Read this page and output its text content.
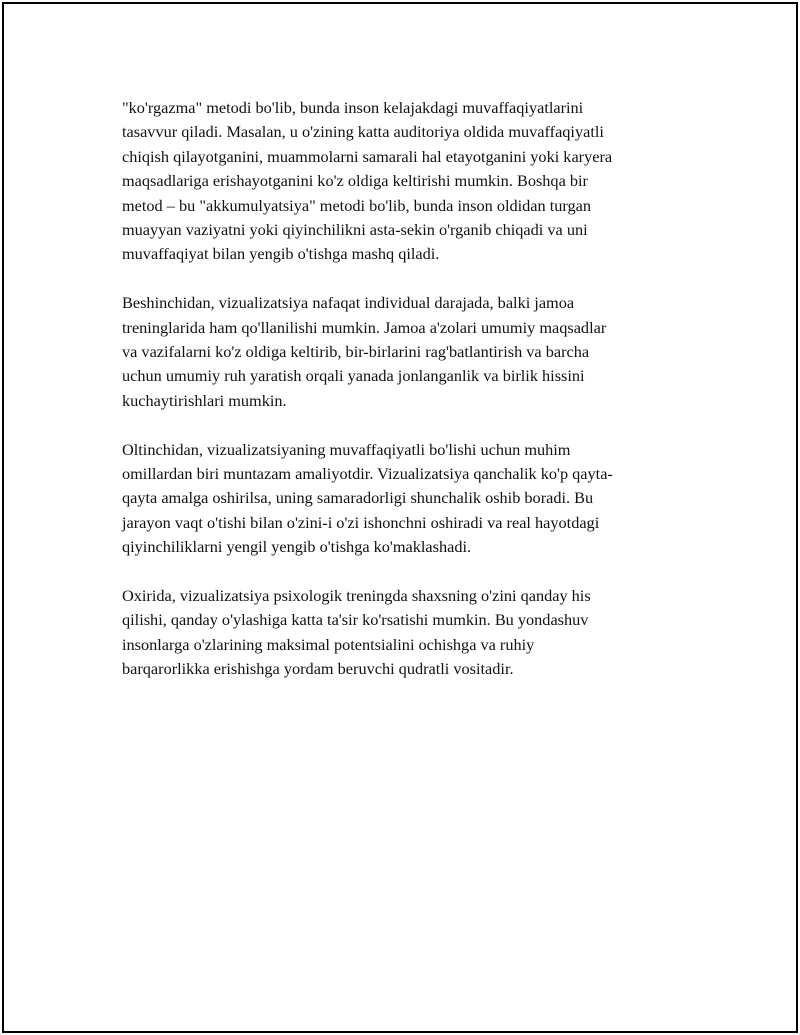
"ko'rgazma" metodi bo'lib, bunda inson kelajakdagi muvaffaqiyatlarini
tasavvur qiladi. Masalan, u o'zining katta auditoriya oldida muvaffaqiyatli
chiqish qilayotganini, muammolarni samarali hal etayotganini yoki karyera
maqsadlariga erishayotganini ko'z oldiga keltirishi mumkin. Boshqa bir
metod – bu "akkumulyatsiya" metodi bo'lib, bunda inson oldidan turgan
muayyan vaziyatni yoki qiyinchilikni asta-sekin o'rganib chiqadi va uni
muvaffaqiyat bilan yengib o'tishga mashq qiladi.

Beshinchidan, vizualizatsiya nafaqat individual darajada, balki jamoa
treninglarida ham qo'llanilishi mumkin. Jamoa a'zolari umumiy maqsadlar
va vazifalarni ko'z oldiga keltirib, bir-birlarini rag'batlantirish va barcha
uchun umumiy ruh yaratish orqali yanada jonlanganlik va birlik hissini
kuchaytirishlari mumkin.

Oltinchidan, vizualizatsiyaning muvaffaqiyatli bo'lishi uchun muhim
omillardan biri muntazam amaliyotdir. Vizualizatsiya qanchalik ko'p qayta-
qayta amalga oshirilsa, uning samaradorligi shunchalik oshib boradi. Bu
jarayon vaqt o'tishi bilan o'zini-i o'zi ishonchni oshiradi va real hayotdagi
qiyinchiliklarni yengil yengib o'tishga ko'maklashadi.

Oxirida, vizualizatsiya psixologik treningda shaxsning o'zini qanday his
qilishi, qanday o'ylashiga katta ta'sir ko'rsatishi mumkin. Bu yondashuv
insonlarga o'zlarining maksimal potentsialini ochishga va ruhiy
barqarorlikka erishishga yordam beruvchi qudratli vositadir.
